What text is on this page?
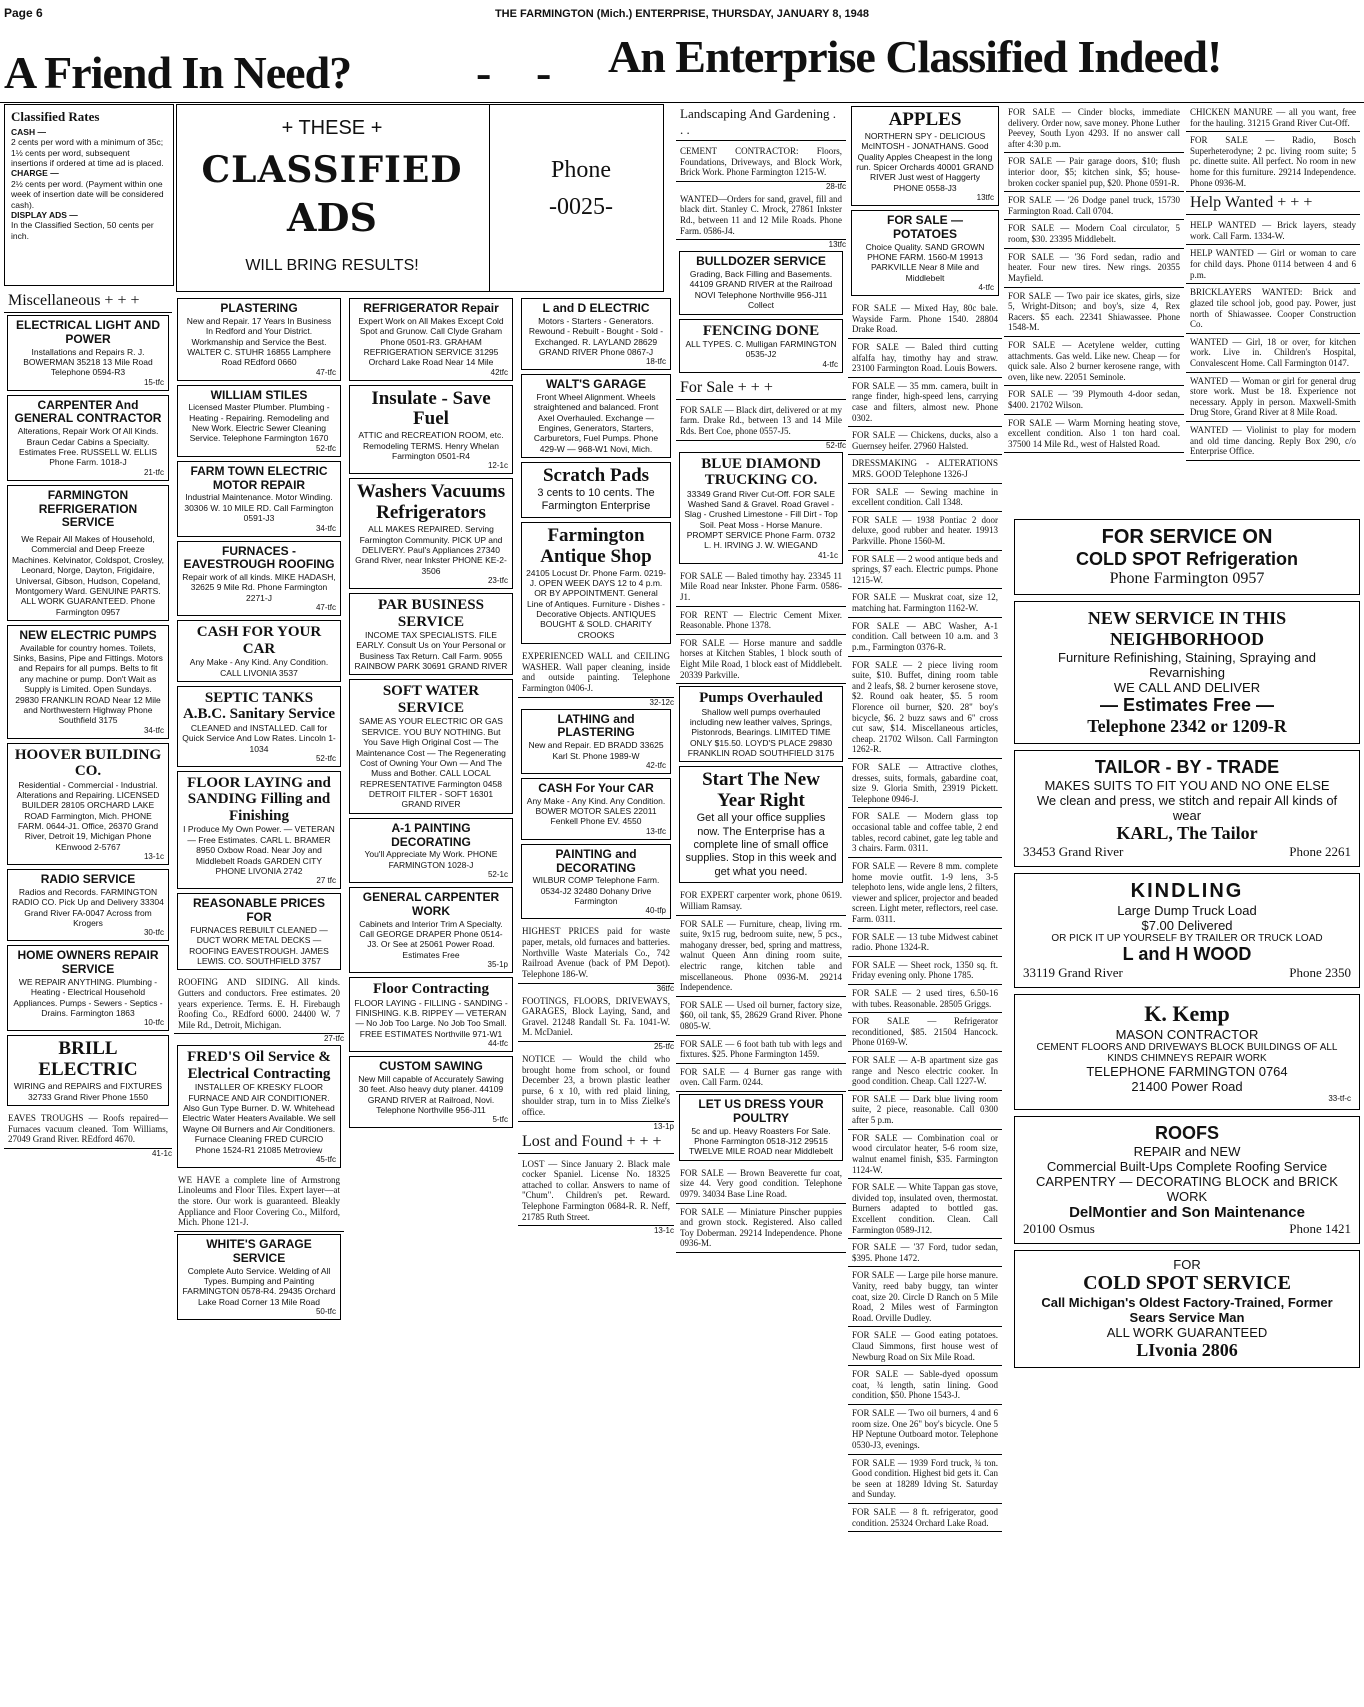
Page 6	THE FARMINGTON (Mich.) ENTERPRISE, THURSDAY, JANUARY 8, 1948
A Friend In Need?	- - An Enterprise Classified Indeed!
Classified Rates
CASH —
2 cents per word with a minimum of 35c; 1½ cents per word, subsequent insertions if ordered at time ad is placed.
CHARGE —
2½ cents per word. (Payment within one week of insertion date will be considered cash).
DISPLAY ADS —
In the Classified Section, 50 cents per inch.
+ THESE +
CLASSIFIED
ADS
WILL BRING RESULTS!
Phone
-0025-
Miscellaneous + + +
ELECTRICAL LIGHT AND POWER
Installations and Repairs R. J. BOWERMAN 35218 13 Mile Road Telephone 0594-R3
15-tfc
CARPENTER And GENERAL CONTRACTOR
Alterations, Repair Work Of All Kinds. Braun Cedar Cabins a Specialty. Estimates Free. RUSSELL W. ELLIS Phone Farm. 1018-J
21-tfc
FARMINGTON REFRIGERATION SERVICE
We Repair All Makes of Household, Commercial and Deep Freeze Machines. Kelvinator, Coldspot, Crosley, Leonard, Norge, Dayton, Frigidaire, Universal, Gibson, Hudson, Copeland, Montgomery Ward. GENUINE PARTS. ALL WORK GUARANTEED. Phone Farmington 0957
NEW ELECTRIC PUMPS
Available for country homes. Toilets, Sinks, Basins, Pipe and Fittings. Motors and Repairs for all pumps. Belts to fit any machine or pump. Don't Wait as Supply is Limited. Open Sundays. 29830 FRANKLIN ROAD Near 12 Mile and Northwestern Highway Phone Southfield 3175
34-tfc
HOOVER BUILDING CO.
Residential - Commercial - Industrial. Alterations and Repairing. LICENSED BUILDER 28105 ORCHARD LAKE ROAD Farmington, Mich. PHONE FARM. 0644-J1. Office, 26370 Grand River, Detroit 19, Michigan Phone KEnwood 2-5767
13-1c
RADIO SERVICE
Radios and Records. FARMINGTON RADIO CO. Pick Up and Delivery 33304 Grand River FA-0047 Across from Krogers
30-tfc
HOME OWNERS REPAIR SERVICE
WE REPAIR ANYTHING. Plumbing - Heating - Electrical Household Appliances. Pumps - Sewers - Septics - Drains. Farmington 1863
10-tfc
BRILL ELECTRIC
WIRING and REPAIRS and FIXTURES 32733 Grand River Phone 1550
EAVES TROUGHS — Roofs repaired—Furnaces vacuum cleaned. Tom Williams, 27049 Grand River. REdford 4670.
41-1c
PLASTERING
New and Repair. 17 Years In Business In Redford and Your District. Workmanship and Service the Best. WALTER C. STUHR 16855 Lamphere Road REdford 0660
47-tfc
WILLIAM STILES
Licensed Master Plumber. Plumbing - Heating - Repairing. Remodeling and New Work. Electric Sewer Cleaning Service. Telephone Farmington 1670
52-tfc
FARM TOWN ELECTRIC MOTOR REPAIR
Industrial Maintenance. Motor Winding. 30306 W. 10 MILE RD. Call Farmington 0591-J3
34-tfc
FURNACES - EAVESTROUGH ROOFING
Repair work of all kinds. MIKE HADASH, 32625 9 Mile Rd. Phone Farmington 2271-J
47-tfc
CASH FOR YOUR CAR
Any Make - Any Kind. Any Condition. CALL LIVONIA 3537
SEPTIC TANKS A.B.C. Sanitary Service
CLEANED and INSTALLED. Call for Quick Service And Low Rates. Lincoln 1-1034
52-tfc
FLOOR LAYING and SANDING Filling and Finishing
I Produce My Own Power. — VETERAN — Free Estimates. CARL L. BRAMER 8950 Oxbow Road. Near Joy and Middlebelt Roads GARDEN CITY PHONE LIVONIA 2742
27 tfc
REASONABLE PRICES FOR
FURNACES REBUILT CLEANED — DUCT WORK METAL DECKS — ROOFING EAVESTROUGH. JAMES LEWIS. CO. SOUTHFIELD 3757
ROOFING AND SIDING. All kinds. Gutters and conductors. Free estimates. 20 years experience. Terms. E. H. Firebaugh Roofing Co., REdford 6000. 24400 W. 7 Mile Rd., Detroit, Michigan.
27-tfc
FRED'S Oil Service & Electrical Contracting
INSTALLER OF KRESKY FLOOR FURNACE AND AIR CONDITIONER. Also Gun Type Burner. D. W. Whitehead Electric Water Heaters Available. We sell Wayne Oil Burners and Air Conditioners. Furnace Cleaning FRED CURCIO Phone 1524-R1 21085 Metroview
45-tfc
WE HAVE a complete line of Armstrong Linoleums and Floor Tiles. Expert layer—at the store. Our work is guaranteed. Bleakly Appliance and Floor Covering Co., Milford, Mich. Phone 121-J.
WHITE'S GARAGE SERVICE
Complete Auto Service. Welding of All Types. Bumping and Painting FARMINGTON 0578-R4. 29435 Orchard Lake Road Corner 13 Mile Road
50-tfc
REFRIGERATOR Repair
Expert Work on All Makes Except Cold Spot and Grunow. Call Clyde Graham Phone 0501-R3. GRAHAM REFRIGERATION SERVICE 31295 Orchard Lake Road Near 14 Mile
42tfc
Insulate - Save Fuel
ATTIC and RECREATION ROOM, etc. Remodeling TERMS. Henry Whelan Farmington 0501-R4
12-1c
Washers Vacuums Refrigerators
ALL MAKES REPAIRED. Serving Farmington Community. PICK UP and DELIVERY. Paul's Appliances 27340 Grand River, near Inkster PHONE KE-2-3506
23-tfc
PAR BUSINESS SERVICE
INCOME TAX SPECIALISTS. FILE EARLY. Consult Us on Your Personal or Business Tax Return. Call Farm. 9055 RAINBOW PARK 30691 GRAND RIVER
SOFT WATER SERVICE
SAME AS YOUR ELECTRIC OR GAS SERVICE. YOU BUY NOTHING. But You Save High Original Cost — The Maintenance Cost — The Regenerating Cost of Owning Your Own — And The Muss and Bother. CALL LOCAL REPRESENTATIVE Farmington 0458 DETROIT FILTER - SOFT 16301 GRAND RIVER
A-1 PAINTING DECORATING
You'll Appreciate My Work. PHONE FARMINGTON 1028-J
52-1c
GENERAL CARPENTER WORK
Cabinets and Interior Trim A Specialty. Call GEORGE DRAPER Phone 0514-J3. Or See at 25061 Power Road. Estimates Free
35-1p
Floor Contracting
FLOOR LAYING - FILLING - SANDING - FINISHING. K.B. RIPPEY — VETERAN — No Job Too Large. No Job Too Small. FREE ESTIMATES Northville 971-W1
44-tfc
CUSTOM SAWING
New Mill capable of Accurately Sawing 30 feet. Also heavy duty planer. 44109 GRAND RIVER at Railroad, Novi. Telephone Northville 956-J11
5-tfc
L and D ELECTRIC
Motors - Starters - Generators. Rewound - Rebuilt - Bought - Sold - Exchanged. R. LAYLAND 28629 GRAND RIVER Phone 0867-J
18-tfc
WALT'S GARAGE
Front Wheel Alignment. Wheels straightened and balanced. Front Axel Overhauled. Exchange — Engines, Generators, Starters, Carburetors, Fuel Pumps. Phone 429-W — 968-W1 Novi, Mich.
Scratch Pads
3 cents to 10 cents. The Farmington Enterprise
Farmington Antique Shop
24105 Locust Dr. Phone Farm. 0219-J. OPEN WEEK DAYS 12 to 4 p.m. OR BY APPOINTMENT. General Line of Antiques. Furniture - Dishes - Decorative Objects. ANTIQUES BOUGHT & SOLD. CHARITY CROOKS
EXPERIENCED WALL and CEILING WASHER. Wall paper cleaning, inside and outside painting. Telephone Farmington 0406-J.
32-12c
LATHING and PLASTERING
New and Repair. ED BRADD 33625 Karl St. Phone 1989-W
42-tfc
CASH For Your CAR
Any Make - Any Kind. Any Condition. BOWER MOTOR SALES 22011 Fenkell Phone EV. 4550
13-tfc
PAINTING and DECORATING
WILBUR COMP Telephone Farm. 0534-J2 32480 Dohany Drive Farmington
40-tfp
HIGHEST PRICES paid for waste paper, metals, old furnaces and batteries. Northville Waste Materials Co., 742 Railroad Avenue (back of PM Depot). Telephone 186-W.
36tfc
FOOTINGS, FLOORS, DRIVEWAYS, GARAGES, Block Laying, Sand, and Gravel. 21248 Randall St. Fa. 1041-W. M. McDaniel.
25-tfc
NOTICE — Would the child who brought home from school, or found December 23, a brown plastic leather purse, 6 x 10, with red plaid lining, shoulder strap, turn in to Miss Zielke's office.
13-1p
Lost and Found + + +
LOST — Since January 2. Black male cocker Spaniel. License No. 18325 attached to collar. Answers to name of "Chum". Children's pet. Reward. Telephone Farmington 0684-R. R. Neff, 21785 Ruth Street.
13-1c
Landscaping And Gardening . . .
CEMENT CONTRACTOR: Floors, Foundations, Driveways, and Block Work, Brick Work. Phone Farmington 1215-W.
28-tfc
WANTED—Orders for sand, gravel, fill and black dirt. Stanley C. Mrock, 27861 Inkster Rd., between 11 and 12 Mile Roads. Phone Farm. 0586-J4.
13tfc
BULLDOZER SERVICE
Grading, Back Filling and Basements. 44109 GRAND RIVER at the Railroad NOVI Telephone Northville 956-J11 Collect
FENCING DONE
ALL TYPES. C. Mulligan FARMINGTON 0535-J2
4-tfc
For Sale + + +
FOR SALE — Black dirt, delivered or at my farm. Drake Rd., between 13 and 14 Mile Rds. Bert Coe, phone 0557-J5.
52-tfc
BLUE DIAMOND TRUCKING CO.
33349 Grand River Cut-Off. FOR SALE Washed Sand & Gravel. Road Gravel - Slag - Crushed Limestone - Fill Dirt - Top Soil. Peat Moss - Horse Manure. PROMPT SERVICE Phone Farm. 0732 L. H. IRVING J. W. WIEGAND
41-1c
FOR SALE — Baled timothy hay. 23345 11 Mile Road near Inkster. Phone Farm. 0586-J1.
FOR RENT — Electric Cement Mixer. Reasonable. Phone 1378.
FOR SALE — Horse manure and saddle horses at Kitchen Stables, 1 block south of Eight Mile Road, 1 block east of Middlebelt. 20339 Parkville.
Pumps Overhauled
Shallow well pumps overhauled including new leather valves, Springs, Pistonrods, Bearings. LIMITED TIME ONLY $15.50. LOYD'S PLACE 29830 FRANKLIN ROAD SOUTHFIELD 3175
Start The New Year Right
Get all your office supplies now. The Enterprise has a complete line of small office supplies. Stop in this week and get what you need.
FOR EXPERT carpenter work, phone 0619. William Ramsay.
FOR SALE — Furniture, cheap, living rm. suite, 9x15 rug, bedroom suite, new, 5 pcs., mahogany dresser, bed, spring and mattress, walnut Queen Ann dining room suite, electric range, kitchen table and miscellaneous. Phone 0936-M. 29214 Independence.
FOR SALE — Used oil burner, factory size, $60, oil tank, $5, 28629 Grand River. Phone 0805-W.
FOR SALE — 6 foot bath tub with legs and fixtures. $25. Phone Farmington 1459.
FOR SALE — 4 Burner gas range with oven. Call Farm. 0244.
LET US DRESS YOUR POULTRY
5c and up. Heavy Roasters For Sale. Phone Farmington 0518-J12 29515 TWELVE MILE ROAD near Middlebelt
FOR SALE — Brown Beaverette fur coat, size 44. Very good condition. Telephone 0979. 34034 Base Line Road.
FOR SALE — Miniature Pinscher puppies and grown stock. Registered. Also called Toy Doberman. 29214 Independence. Phone 0936-M.
APPLES
NORTHERN SPY - DELICIOUS McINTOSH - JONATHANS. Good Quality Apples Cheapest in the long run. Spicer Orchards 40001 GRAND RIVER Just west of Haggerty PHONE 0558-J3
13tfc
FOR SALE — POTATOES
Choice Quality. SAND GROWN PHONE FARM. 1560-M 19913 PARKVILLE Near 8 Mile and Middlebelt
4-tfc
FOR SALE — Mixed Hay, 80c bale. Wayside Farm. Phone 1540. 28804 Drake Road.
FOR SALE — Baled third cutting alfalfa hay, timothy hay and straw. 23100 Farmington Road. Louis Bowers.
FOR SALE — 35 mm. camera, built in range finder, high-speed lens, carrying case and filters, almost new. Phone 0302.
FOR SALE — Chickens, ducks, also a Guernsey heifer. 27960 Halsted.
DRESSMAKING - ALTERATIONS MRS. GOOD Telephone 1326-J
FOR SALE — Sewing machine in excellent condition. Call 1348.
FOR SALE — 1938 Pontiac 2 door deluxe, good rubber and heater. 19913 Parkville. Phone 1560-M.
FOR SALE — 2 wood antique beds and springs, $7 each. Electric pumps. Phone 1215-W.
FOR SALE — Muskrat coat, size 12, matching hat. Farmington 1162-W.
FOR SALE — ABC Washer, A-1 condition. Call between 10 a.m. and 3 p.m., Farmington 0376-R.
FOR SALE — 2 piece living room suite, $10. Buffet, dining room table and 2 leafs, $8. 2 burner kerosene stove, $2. Round oak heater, $5. 5 room Florence oil burner, $20. 28" boy's bicycle, $6. 2 buzz saws and 6" cross cut saw, $14. Miscellaneous articles, cheap. 21702 Wilson. Call Farmington 1262-R.
FOR SALE — Attractive clothes, dresses, suits, formals, gabardine coat, size 9. Gloria Smith, 23919 Pickett. Telephone 0946-J.
FOR SALE — Modern glass top occasional table and coffee table, 2 end tables, record cabinet, gate leg table and 3 chairs. Farm. 0311.
FOR SALE — Revere 8 mm. complete home movie outfit. 1-9 lens, 3-5 telephoto lens, wide angle lens, 2 filters, viewer and splicer, projector and beaded screen. Light meter, reflectors, reel case. Farm. 0311.
FOR SALE — 13 tube Midwest cabinet radio. Phone 1324-R.
FOR SALE — Sheet rock, 1350 sq. ft. Friday evening only. Phone 1785.
FOR SALE — 2 used tires, 6.50-16 with tubes. Reasonable. 28505 Griggs.
FOR SALE — Refrigerator reconditioned, $85. 21504 Hancock. Phone 0169-W.
FOR SALE — A-B apartment size gas range and Nesco electric cooker. In good condition. Cheap. Call 1227-W.
FOR SALE — Dark blue living room suite, 2 piece, reasonable. Call 0300 after 5 p.m.
FOR SALE — Combination coal or wood circulator heater, 5-6 room size, walnut enamel finish, $35. Farmington 1124-W.
FOR SALE — White Tappan gas stove, divided top, insulated oven, thermostat. Burners adapted to bottled gas. Excellent condition. Clean. Call Farmington 0589-J12.
FOR SALE — '37 Ford, tudor sedan, $395. Phone 1472.
FOR SALE — Large pile horse manure. Vanity, reed baby buggy, tan winter coat, size 20. Circle D Ranch on 5 Mile Road, 2 Miles west of Farmington Road. Orville Dudley.
FOR SALE — Good eating potatoes. Claud Simmons, first house west of Newburg Road on Six Mile Road.
FOR SALE — Sable-dyed opossum coat, ¾ length, satin lining. Good condition, $50. Phone 1543-J.
FOR SALE — Two oil burners, 4 and 6 room size. One 26" boy's bicycle. One 5 HP Neptune Outboard motor. Telephone 0530-J3, evenings.
FOR SALE — 1939 Ford truck, ¾ ton. Good condition. Highest bid gets it. Can be seen at 18289 Idving St. Saturday and Sunday.
FOR SALE — 8 ft. refrigerator, good condition. 25324 Orchard Lake Road.
FOR SALE — Cinder blocks, immediate delivery. Order now, save money. Phone Luther Peevey, South Lyon 4293. If no answer call after 4:30 p.m.
FOR SALE — Pair garage doors, $10; flush interior door, $5; kitchen sink, $5; house-broken cocker spaniel pup, $20. Phone 0591-R.
FOR SALE — '26 Dodge panel truck, 15730 Farmington Road. Call 0704.
FOR SALE — Modern Coal circulator, 5 room, $30. 23395 Middlebelt.
FOR SALE — '36 Ford sedan, radio and heater. Four new tires. New rings. 20355 Mayfield.
FOR SALE — Two pair ice skates, girls, size 5, Wright-Ditson; and boy's, size 4, Rex Racers. $5 each. 22341 Shiawassee. Phone 1548-M.
FOR SALE — Acetylene welder, cutting attachments. Gas weld. Like new. Cheap — for quick sale. Also 2 burner kerosene range, with oven, like new. 22051 Seminole.
FOR SALE — '39 Plymouth 4-door sedan, $400. 21702 Wilson.
FOR SALE — Warm Morning heating stove, excellent condition. Also 1 ton hard coal. 37500 14 Mile Rd., west of Halsted Road.
CHICKEN MANURE — all you want, free for the hauling. 31215 Grand River Cut-Off.
FOR SALE — Radio, Bosch Superheterodyne; 2 pc. living room suite; 5 pc. dinette suite. All perfect. No room in new home for this furniture. 29214 Independence. Phone 0936-M.
Help Wanted + + +
HELP WANTED — Brick layers, steady work. Call Farm. 1334-W.
HELP WANTED — Girl or woman to care for child days. Phone 0114 between 4 and 6 p.m.
BRICKLAYERS WANTED: Brick and glazed tile school job, good pay. Power, just north of Shiawassee. Cooper Construction Co.
WANTED — Girl, 18 or over, for kitchen work. Live in. Children's Hospital, Convalescent Home. Call Farmington 0147.
WANTED — Woman or girl for general drug store work. Must be 18. Experience not necessary. Apply in person. Maxwell-Smith Drug Store, Grand River at 8 Mile Road.
WANTED — Violinist to play for modern and old time dancing. Reply Box 290, c/o Enterprise Office.
FOR SERVICE ON
COLD SPOT Refrigeration
Phone Farmington 0957
NEW SERVICE IN THIS NEIGHBORHOOD
Furniture Refinishing, Staining, Spraying and Revarnishing
WE CALL AND DELIVER
— Estimates Free —
Telephone 2342 or 1209-R
TAILOR - BY - TRADE
MAKES SUITS TO FIT YOU AND NO ONE ELSE
We clean and press, we stitch and repair All kinds of wear
KARL, The Tailor
33453 Grand River	Phone 2261
KINDLING
Large Dump Truck Load
$7.00 Delivered
OR PICK IT UP YOURSELF BY TRAILER OR TRUCK LOAD
L and H WOOD
33119 Grand River	Phone 2350
K. Kemp
MASON CONTRACTOR
CEMENT FLOORS AND DRIVEWAYS BLOCK BUILDINGS OF ALL KINDS CHIMNEYS REPAIR WORK
TELEPHONE FARMINGTON 0764
21400 Power Road
33-tf-c
ROOFS
REPAIR and NEW
Commercial Built-Ups Complete Roofing Service
CARPENTRY — DECORATING BLOCK and BRICK WORK
DelMontier and Son Maintenance
20100 Osmus	Phone 1421
FOR
COLD SPOT SERVICE
Call Michigan's Oldest Factory-Trained, Former Sears Service Man
ALL WORK GUARANTEED
LIvonia 2806
